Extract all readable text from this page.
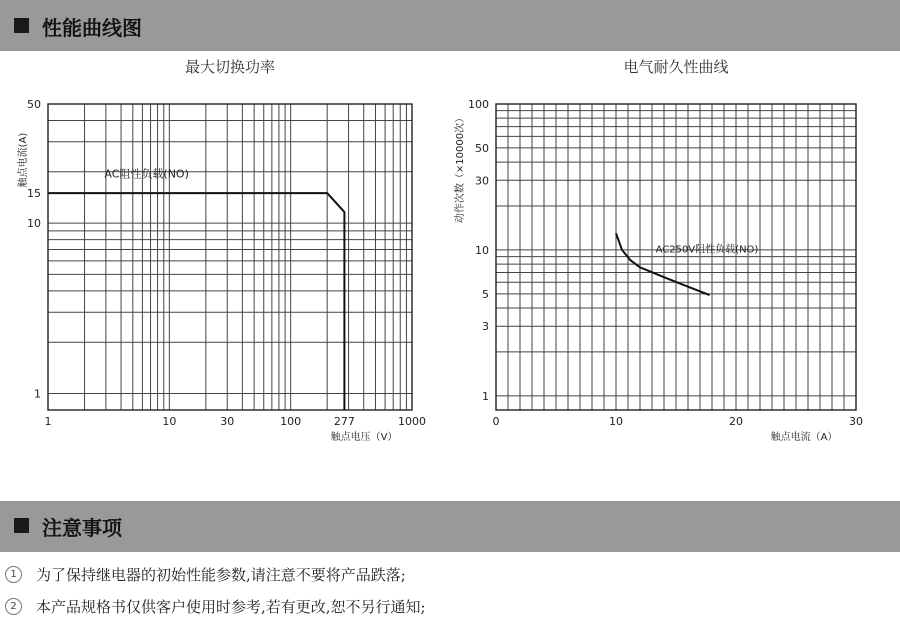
性能曲线图
最大切换功率	电气耐久性曲线
1	10	30	100	277	1000
1
10
15
50
触点电压（V）
触点电流(A)	AC阻性负载(NO)
0	10	20	30
1
3
5
10
30
50
100
触点电流（A）
动作次数（×10000次）
AC250V阻性负载(NO)
注意事项
1	为了保持继电器的初始性能参数,请注意不要将产品跌落;
2	本产品规格书仅供客户使用时参考,若有更改,恕不另行通知;
